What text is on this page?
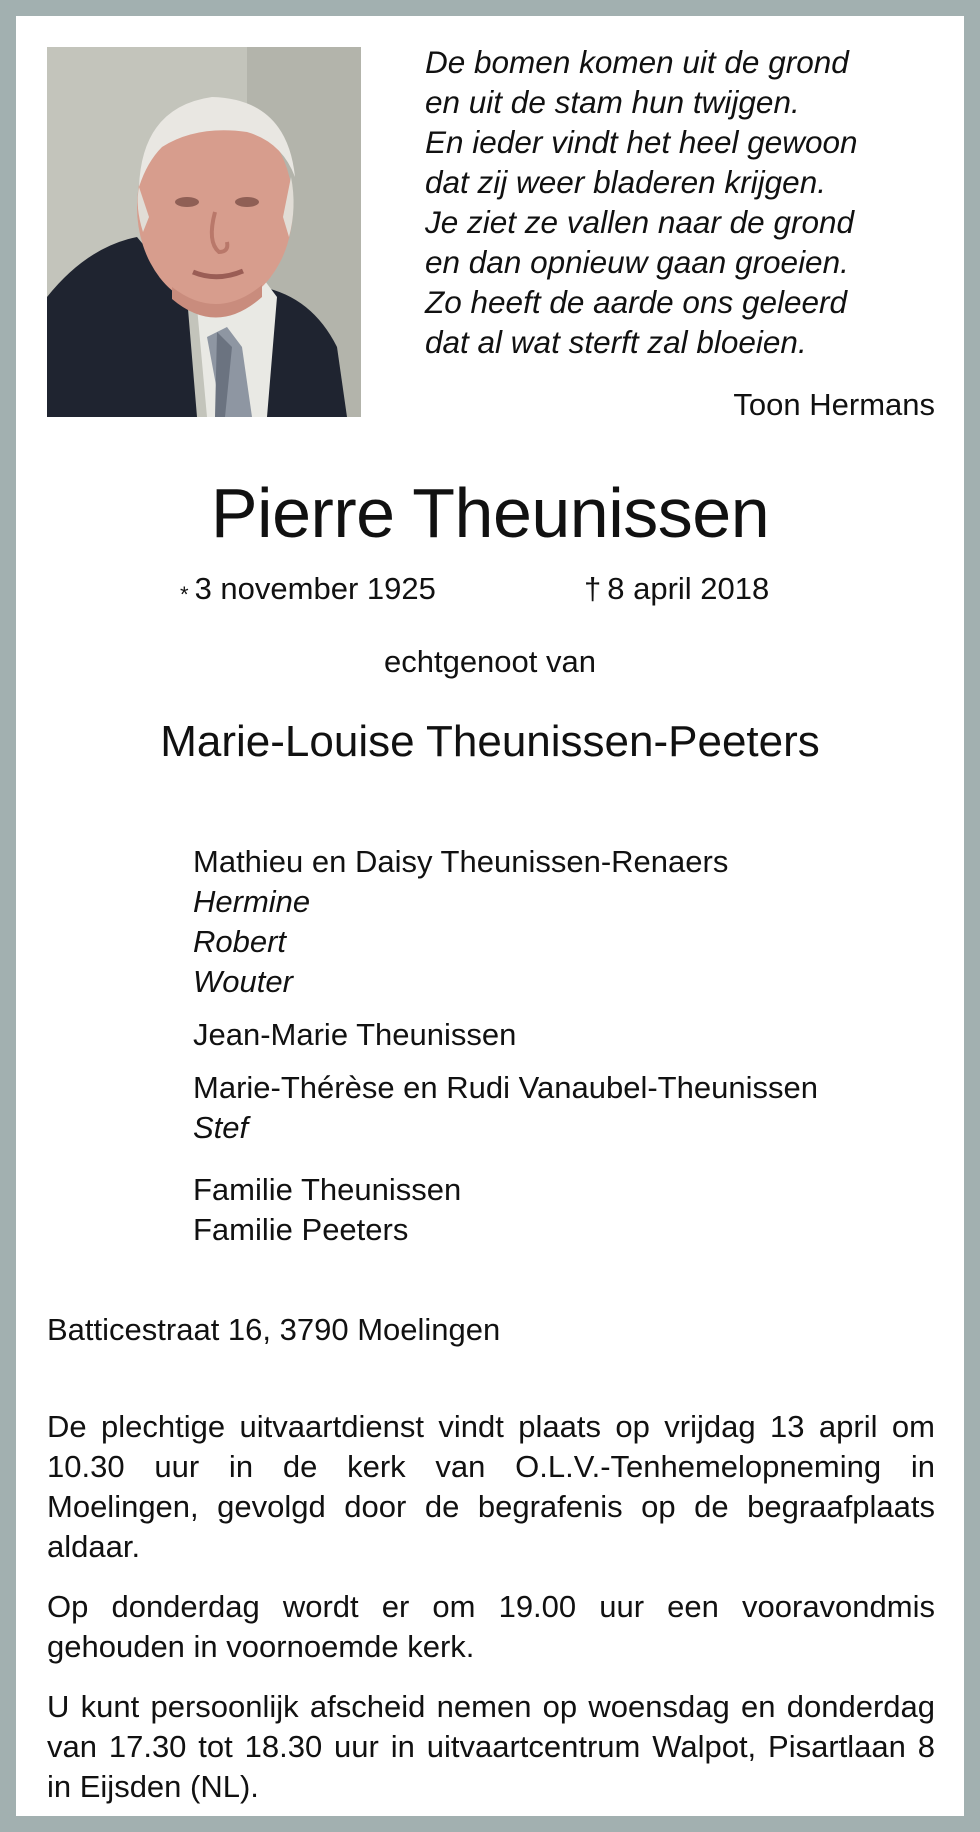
De bomen komen uit de grond
en uit de stam hun twijgen.
En ieder vindt het heel gewoon
dat zij weer bladeren krijgen.
Je ziet ze vallen naar de grond
en dan opnieuw gaan groeien.
Zo heeft de aarde ons geleerd
dat al wat sterft zal bloeien.
Toon Hermans
Pierre Theunissen
* 3 november 1925	† 8 april 2018
echtgenoot van
Marie-Louise Theunissen-Peeters
Mathieu en Daisy Theunissen-Renaers
Hermine
Robert
Wouter
Jean-Marie Theunissen
Marie-Thérèse en Rudi Vanaubel-Theunissen
Stef
Familie Theunissen
Familie Peeters
Batticestraat 16, 3790 Moelingen
De plechtige uitvaartdienst vindt plaats op vrijdag 13 april om 10.30 uur in de kerk van O.L.V.-Tenhemelopneming in Moelingen, gevolgd door de begrafenis op de begraafplaats aldaar.
Op donderdag wordt er om 19.00 uur een vooravondmis gehouden in voornoemde kerk.
U kunt persoonlijk afscheid nemen op woensdag en donderdag van 17.30 tot 18.30 uur in uitvaartcentrum Walpot, Pisartlaan 8 in Eijsden (NL).
